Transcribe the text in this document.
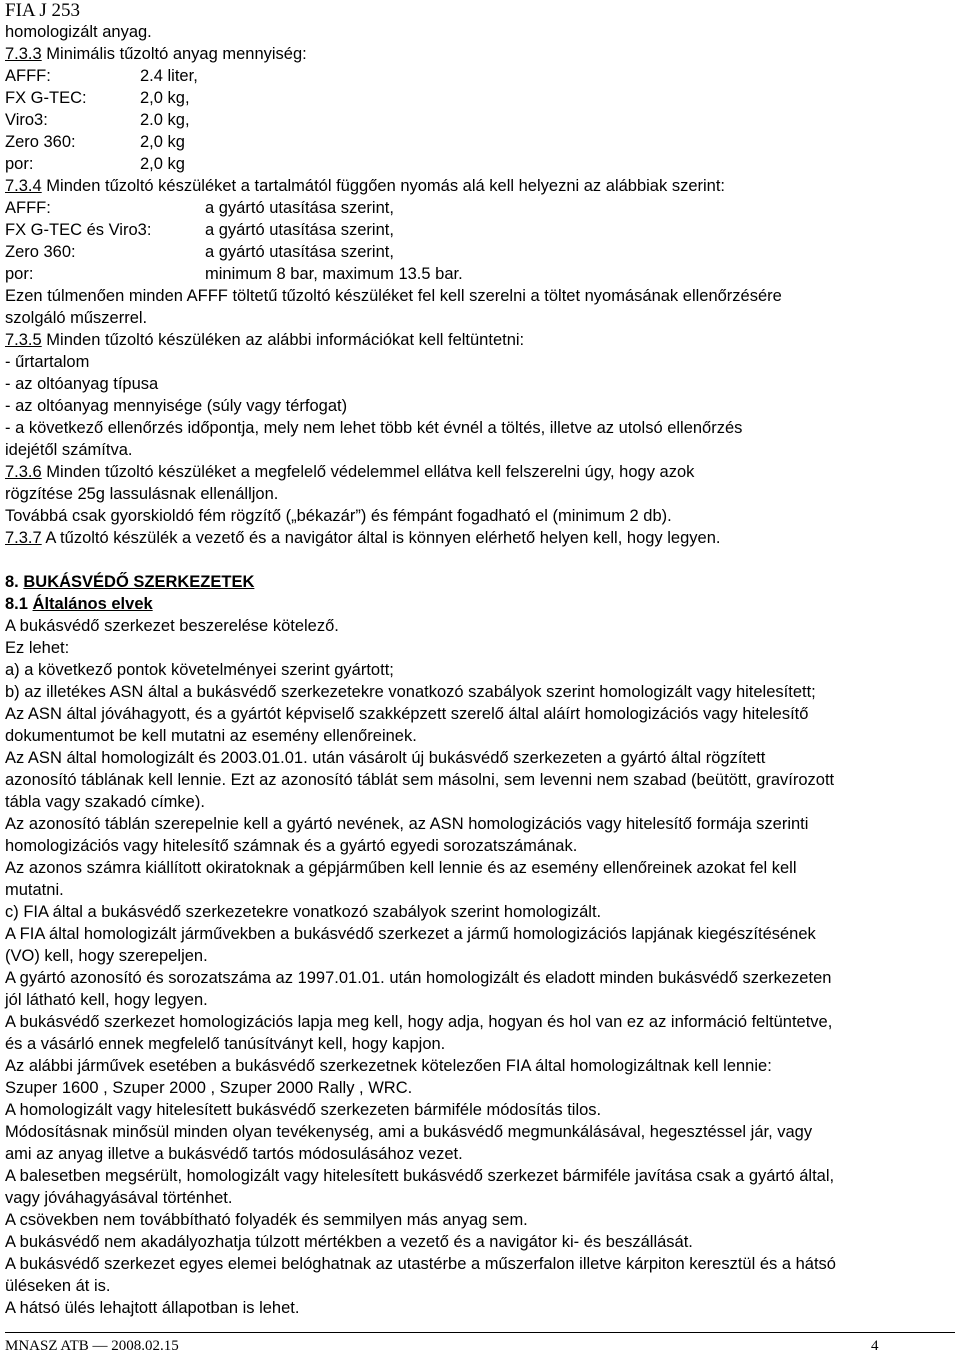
FIA J 253
homologizált anyag.
7.3.3 Minimális tűzoltó anyag mennyiség:
AFFF:	2.4 liter,
FX G-TEC:	2,0 kg,
Viro3:	2.0 kg,
Zero 360:	2,0 kg
por:	2,0 kg
7.3.4 Minden tűzoltó készüléket a tartalmától függően nyomás alá kell helyezni az alábbiak szerint:
AFFF:	a gyártó utasítása szerint,
FX G-TEC és Viro3:	a gyártó utasítása szerint,
Zero 360:	a gyártó utasítása szerint,
por:	minimum 8 bar, maximum 13.5 bar.
Ezen túlmenően minden AFFF töltetű tűzoltó készüléket fel kell szerelni a töltet nyomásának ellenőrzésére
szolgáló műszerrel.
7.3.5 Minden tűzoltó készüléken az alábbi információkat kell feltüntetni:
- űrtartalom
- az oltóanyag típusa
- az oltóanyag mennyisége (súly vagy térfogat)
- a következő ellenőrzés időpontja, mely nem lehet több két évnél a töltés, illetve az utolsó ellenőrzés
idejétől számítva.
7.3.6 Minden tűzoltó készüléket a megfelelő védelemmel ellátva kell felszerelni úgy, hogy azok
rögzítése 25g lassulásnak ellenálljon.
Továbbá csak gyorskioldó fém rögzítő („békazár”) és fémpánt fogadható el (minimum 2 db).
7.3.7 A tűzoltó készülék a vezető és a navigátor által is könnyen elérhető helyen kell, hogy legyen.
8. BUKÁSVÉDŐ SZERKEZETEK
8.1 Általános elvek
A bukásvédő szerkezet beszerelése kötelező.
Ez lehet:
a) a következő pontok követelményei szerint gyártott;
b) az illetékes ASN által a bukásvédő szerkezetekre vonatkozó szabályok szerint homologizált vagy hitelesített;
Az ASN által jóváhagyott, és a gyártót képviselő szakképzett szerelő által aláírt homologizációs vagy hitelesítő
dokumentumot be kell mutatni az esemény ellenőreinek.
Az ASN által homologizált és 2003.01.01. után vásárolt új bukásvédő szerkezeten a gyártó által rögzített
azonosító táblának kell lennie. Ezt az azonosító táblát sem másolni, sem levenni nem szabad (beütött, gravírozott
tábla vagy szakadó címke).
Az azonosító táblán szerepelnie kell a gyártó nevének, az ASN homologizációs vagy hitelesítő formája szerinti
homologizációs vagy hitelesítő számnak és a gyártó egyedi sorozatszámának.
Az azonos számra kiállított okiratoknak a gépjárműben kell lennie és az esemény ellenőreinek azokat fel kell
mutatni.
c) FIA által a bukásvédő szerkezetekre vonatkozó szabályok szerint homologizált.
A FIA által homologizált járművekben a bukásvédő szerkezet a jármű homologizációs lapjának kiegészítésének
(VO) kell, hogy szerepeljen.
A gyártó azonosító és sorozatszáma az 1997.01.01. után homologizált és eladott minden bukásvédő szerkezeten
jól látható kell, hogy legyen.
A bukásvédő szerkezet homologizációs lapja meg kell, hogy adja, hogyan és hol van ez az információ feltüntetve,
és a vásárló ennek megfelelő tanúsítványt kell, hogy kapjon.
Az alábbi járművek esetében a bukásvédő szerkezetnek kötelezően FIA által homologizáltnak kell lennie:
Szuper 1600 , Szuper 2000 , Szuper 2000 Rally , WRC.
A homologizált vagy hitelesített bukásvédő szerkezeten bármiféle módosítás tilos.
Módosításnak minősül minden olyan tevékenység, ami a bukásvédő megmunkálásával, hegesztéssel jár, vagy
ami az anyag illetve a bukásvédő tartós módosulásához vezet.
A balesetben megsérült, homologizált vagy hitelesített bukásvédő szerkezet bármiféle javítása csak a gyártó által,
vagy jóváhagyásával történhet.
A csövekben nem továbbítható folyadék és semmilyen más anyag sem.
A bukásvédő nem akadályozhatja túlzott mértékben a vezető és a navigátor ki- és beszállását.
A bukásvédő szerkezet egyes elemei belóghatnak az utastérbe a műszerfalon illetve kárpiton keresztül és a hátsó
üléseken át is.
A hátsó ülés lehajtott állapotban is lehet.
MNASZ ATB — 2008.02.15	4
